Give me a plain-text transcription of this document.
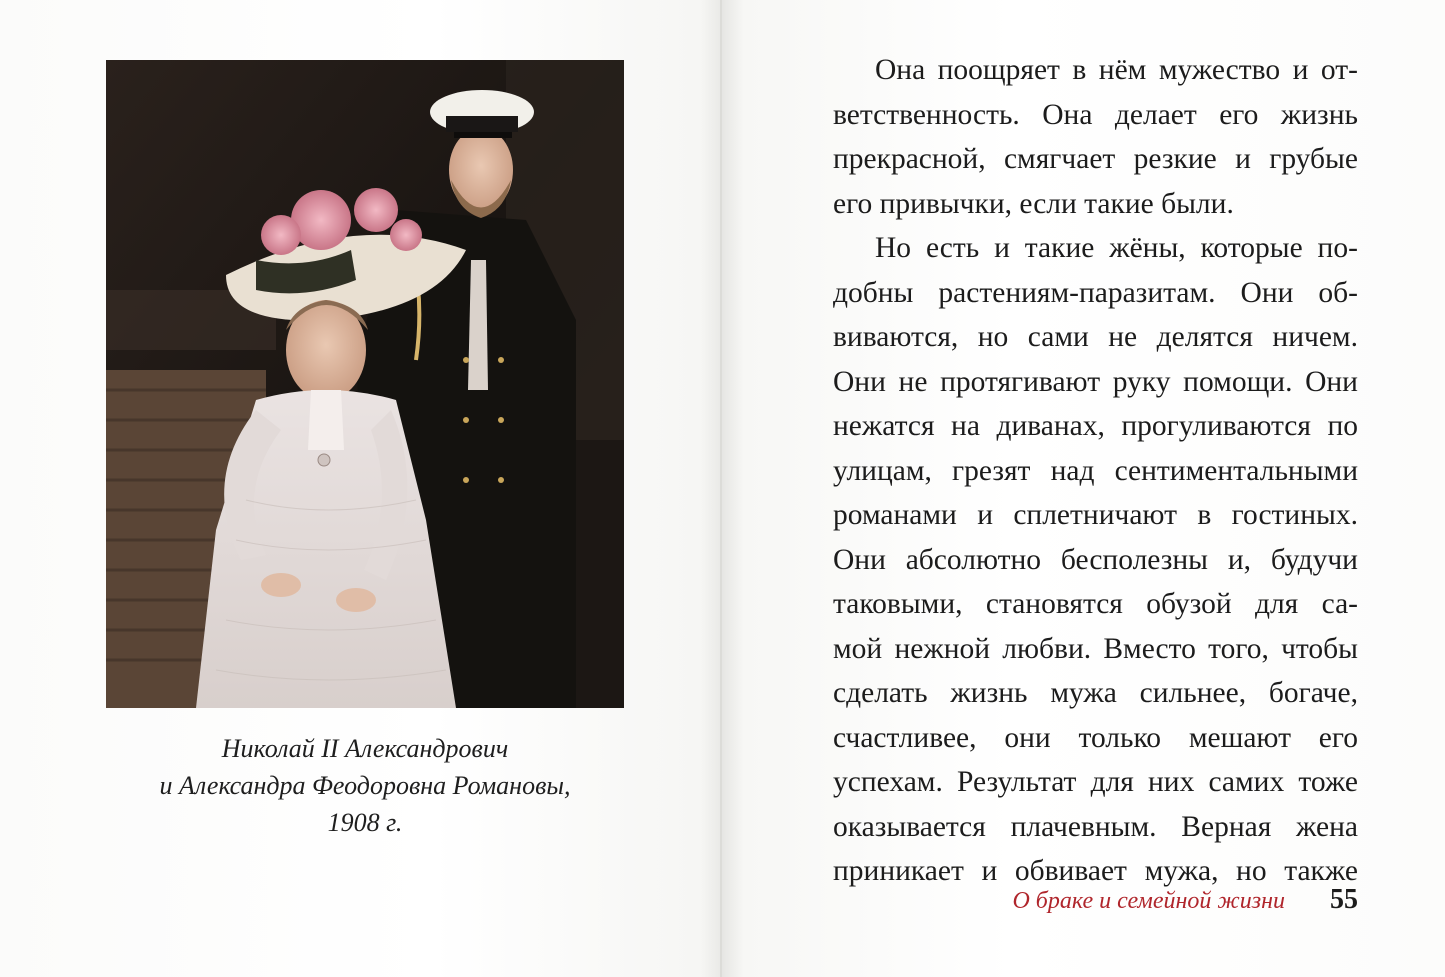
Николай II Александрович
и Александра Феодоровна Романовы,
1908 г.
Она поощряет в нём мужество и от-
ветственность. Она делает его жизнь
прекрасной, смягчает резкие и грубые
его привычки, если такие были.
Но есть и такие жёны, которые по-
добны растениям-паразитам. Они об-
виваются, но сами не делятся ничем.
Они не протягивают руку помощи. Они
нежатся на диванах, прогуливаются по
улицам, грезят над сентиментальными
романами и сплетничают в гостиных.
Они абсолютно бесполезны и, будучи
таковыми, становятся обузой для са-
мой нежной любви. Вместо того, чтобы
сделать жизнь мужа сильнее, богаче,
счастливее, они только мешают его
успехам. Результат для них самих тоже
оказывается плачевным. Верная жена
приникает и обвивает мужа, но также
О браке и семейной жизни 55
